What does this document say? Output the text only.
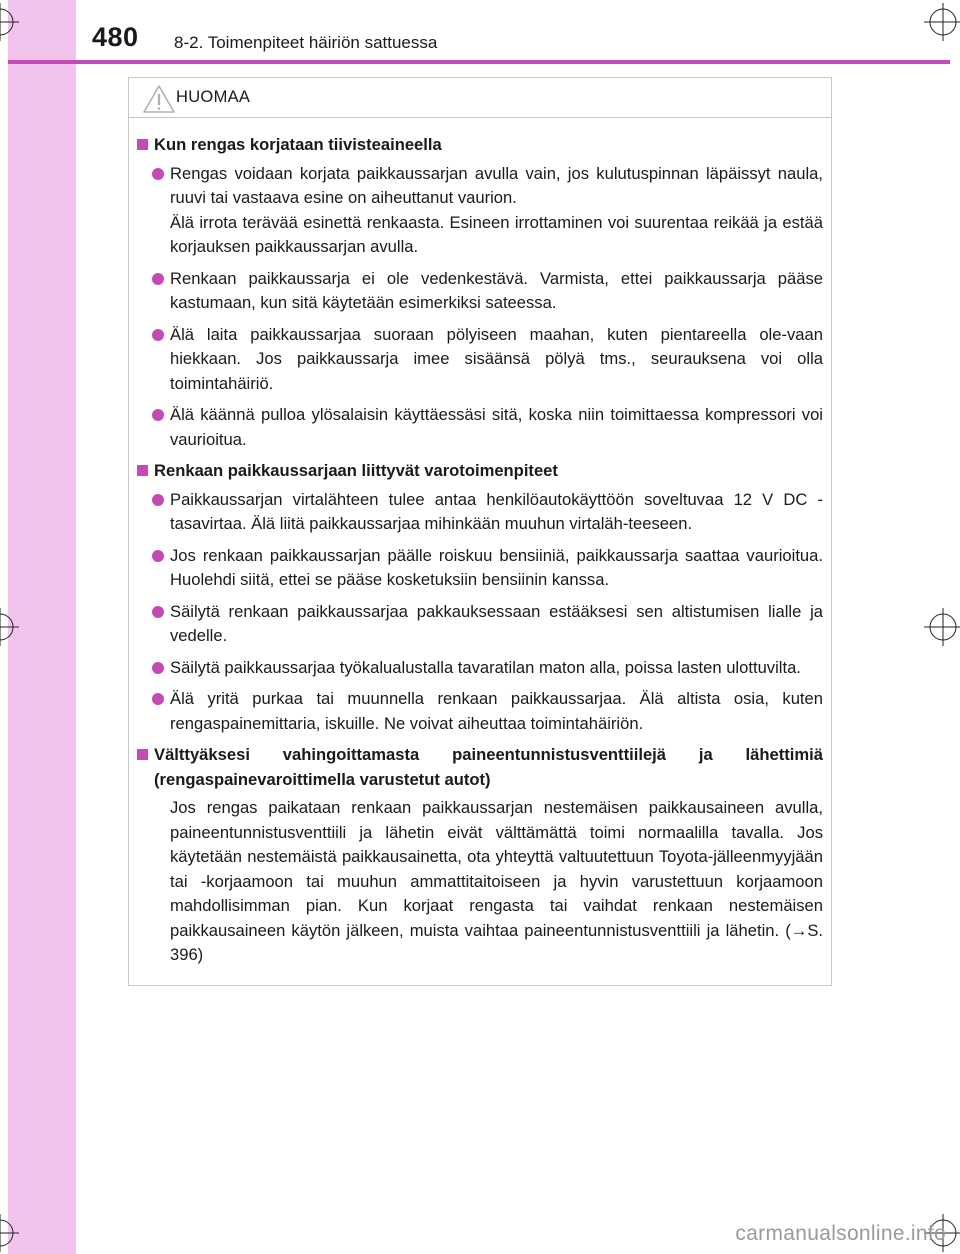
480 8-2. Toimenpiteet häiriön sattuessa
HUOMAA
Kun rengas korjataan tiivisteaineella
Rengas voidaan korjata paikkaussarjan avulla vain, jos kulutuspinnan läpäissyt naula, ruuvi tai vastaava esine on aiheuttanut vaurion.
Älä irrota terävää esinettä renkaasta. Esineen irrottaminen voi suurentaa reikää ja estää korjauksen paikkaussarjan avulla.
Renkaan paikkaussarja ei ole vedenkestävä. Varmista, ettei paikkaussarja pääse kastumaan, kun sitä käytetään esimerkiksi sateessa.
Älä laita paikkaussarjaa suoraan pölyiseen maahan, kuten pientareella ole-vaan hiekkaan. Jos paikkaussarja imee sisäänsä pölyä tms., seurauksena voi olla toimintahäiriö.
Älä käännä pulloa ylösalaisin käyttäessäsi sitä, koska niin toimittaessa kompressori voi vaurioitua.
Renkaan paikkaussarjaan liittyvät varotoimenpiteet
Paikkaussarjan virtalähteen tulee antaa henkilöautokäyttöön soveltuvaa 12 V DC -tasavirtaa. Älä liitä paikkaussarjaa mihinkään muuhun virtaläh-teeseen.
Jos renkaan paikkaussarjan päälle roiskuu bensiiniä, paikkaussarja saattaa vaurioitua. Huolehdi siitä, ettei se pääse kosketuksiin bensiinin kanssa.
Säilytä renkaan paikkaussarjaa pakkauksessaan estääksesi sen altistumisen lialle ja vedelle.
Säilytä paikkaussarjaa työkalualustalla tavaratilan maton alla, poissa lasten ulottuvilta.
Älä yritä purkaa tai muunnella renkaan paikkaussarjaa. Älä altista osia, kuten rengaspainemittaria, iskuille. Ne voivat aiheuttaa toimintahäiriön.
Välttyäksesi vahingoittamasta paineentunnistusventtiilejä ja lähettimiä (rengaspainevaroittimella varustetut autot)
Jos rengas paikataan renkaan paikkaussarjan nestemäisen paikkausaineen avulla, paineentunnistusventtiili ja lähetin eivät välttämättä toimi normaalilla tavalla. Jos käytetään nestemäistä paikkausainetta, ota yhteyttä valtuutettuun Toyota-jälleenmyyjään tai -korjaamoon tai muuhun ammattitaitoiseen ja hyvin varustettuun korjaamoon mahdollisimman pian. Kun korjaat rengasta tai vaihdat renkaan nestemäisen paikkausaineen käytön jälkeen, muista vaihtaa paineentunnistusventtiili ja lähetin. (→S. 396)
carmanualsonline.info
